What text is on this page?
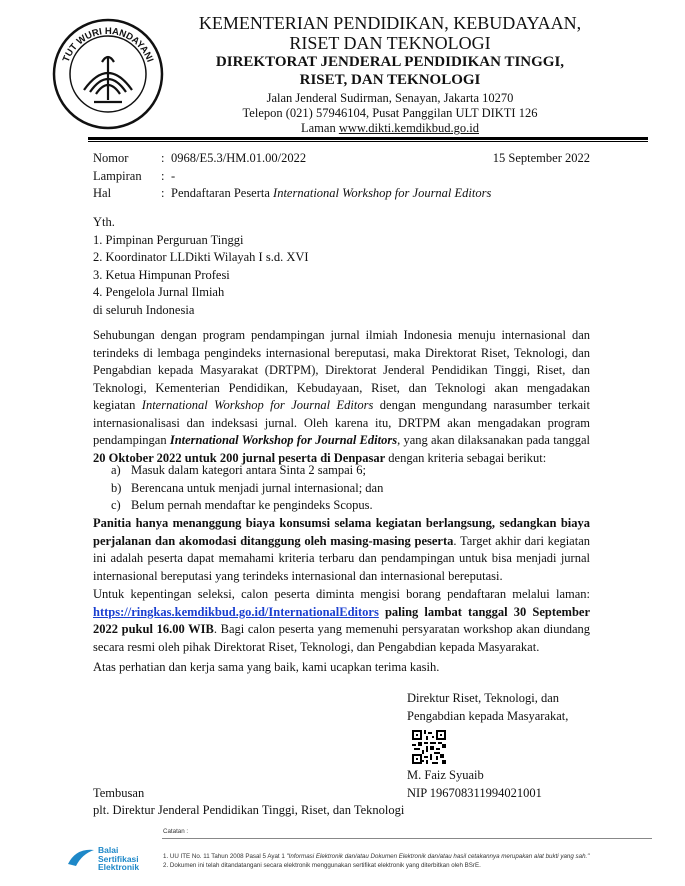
TUT WURI HANDAYANI
KEMENTERIAN PENDIDIKAN, KEBUDAYAAN,
RISET DAN TEKNOLOGI
DIREKTORAT JENDERAL PENDIDIKAN TINGGI,
RISET, DAN TEKNOLOGI
Jalan Jenderal Sudirman, Senayan, Jakarta 10270
Telepon (021) 57946104, Pusat Panggilan ULT DIKTI 126
Laman www.dikti.kemdikbud.go.id
Nomor	: 0968/E5.3/HM.01.00/2022	15 September 2022
Lampiran	: -
Hal	: Pendaftaran Peserta International Workshop for Journal Editors
Yth.
1. Pimpinan Perguruan Tinggi
2. Koordinator LLDikti Wilayah I s.d. XVI
3. Ketua Himpunan Profesi
4. Pengelola Jurnal Ilmiah
di seluruh Indonesia
Sehubungan dengan program pendampingan jurnal ilmiah Indonesia menuju internasional dan terindeks di lembaga pengindeks internasional bereputasi, maka Direktorat Riset, Teknologi, dan Pengabdian kepada Masyarakat (DRTPM), Direktorat Jenderal Pendidikan Tinggi, Riset, dan Teknologi, Kementerian Pendidikan, Kebudayaan, Riset, dan Teknologi akan mengadakan kegiatan International Workshop for Journal Editors dengan mengundang narasumber terkait internasionalisasi dan indeksasi jurnal. Oleh karena itu, DRTPM akan mengadakan program pendampingan International Workshop for Journal Editors, yang akan dilaksanakan pada tanggal 20 Oktober 2022 untuk 200 jurnal peserta di Denpasar dengan kriteria sebagai berikut:
a) Masuk dalam kategori antara Sinta 2 sampai 6;
b) Berencana untuk menjadi jurnal internasional; dan
c) Belum pernah mendaftar ke pengindeks Scopus.
Panitia hanya menanggung biaya konsumsi selama kegiatan berlangsung, sedangkan biaya perjalanan dan akomodasi ditanggung oleh masing-masing peserta. Target akhir dari kegiatan ini adalah peserta dapat memahami kriteria terbaru dan pendampingan untuk bisa menjadi jurnal internasional bereputasi yang terindeks internasional dan internasional bereputasi.
Untuk kepentingan seleksi, calon peserta diminta mengisi borang pendaftaran melalui laman: https://ringkas.kemdikbud.go.id/InternationalEditors paling lambat tanggal 30 September 2022 pukul 16.00 WIB. Bagi calon peserta yang memenuhi persyaratan workshop akan diundang secara resmi oleh pihak Direktorat Riset, Teknologi, dan Pengabdian kepada Masyarakat.
Atas perhatian dan kerja sama yang baik, kami ucapkan terima kasih.
Direktur Riset, Teknologi, dan
Pengabdian kepada Masyarakat,
M. Faiz Syuaib
NIP 196708311994021001
Tembusan
plt. Direktur Jenderal Pendidikan Tinggi, Riset, dan Teknologi
Balai
Sertifikasi
Elektronik
Catatan :
1. UU ITE No. 11 Tahun 2008 Pasal 5 Ayat 1 "Informasi Elektronik dan/atau Dokumen Elektronik dan/atau hasil cetakannya merupakan alat bukti yang sah."
2. Dokumen ini telah ditandatangani secara elektronik menggunakan sertifikat elektronik yang diterbitkan oleh BSrE.
